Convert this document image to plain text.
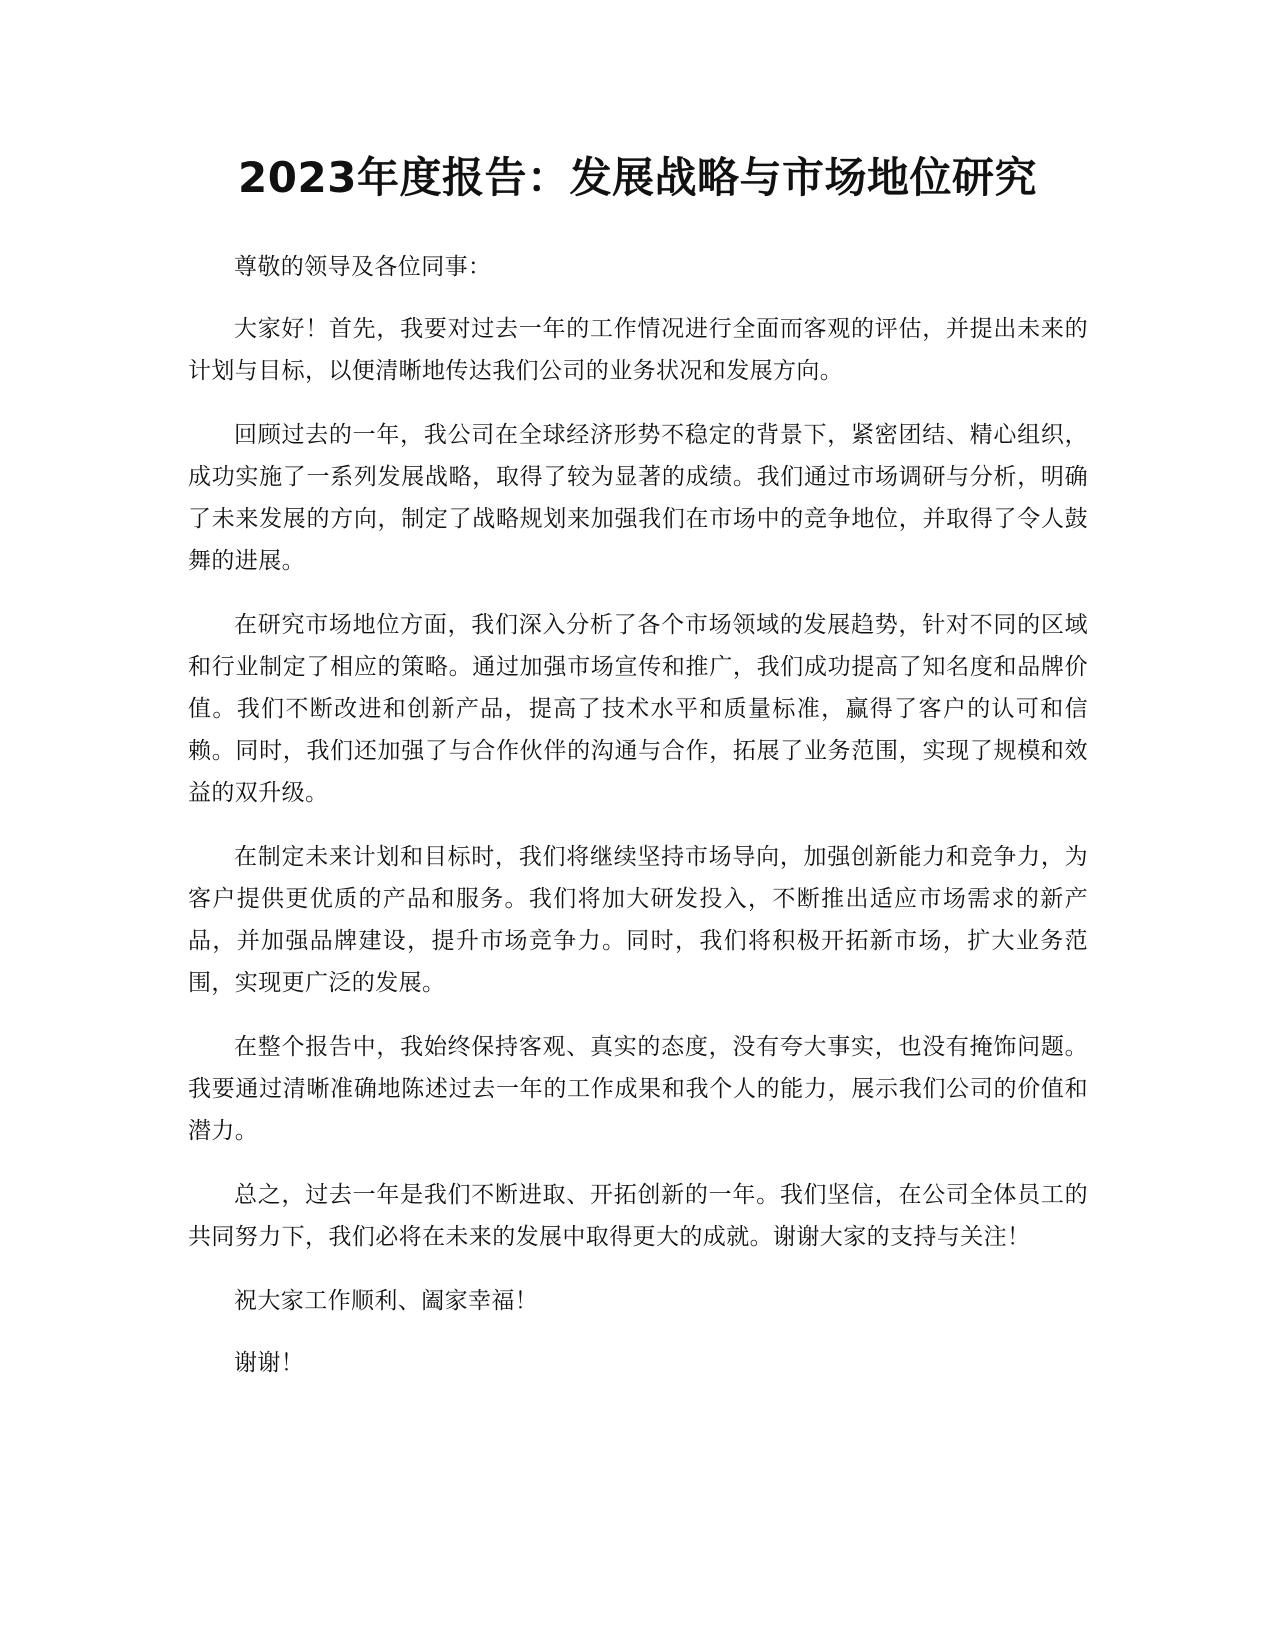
2023年度报告：发展战略与市场地位研究

尊敬的领导及各位同事：

大家好！首先，我要对过去一年的工作情况进行全面而客观的评估，并提出未来的计划与目标，以便清晰地传达我们公司的业务状况和发展方向。

回顾过去的一年，我公司在全球经济形势不稳定的背景下，紧密团结、精心组织，成功实施了一系列发展战略，取得了较为显著的成绩。我们通过市场调研与分析，明确了未来发展的方向，制定了战略规划来加强我们在市场中的竞争地位，并取得了令人鼓舞的进展。

在研究市场地位方面，我们深入分析了各个市场领域的发展趋势，针对不同的区域和行业制定了相应的策略。通过加强市场宣传和推广，我们成功提高了知名度和品牌价值。我们不断改进和创新产品，提高了技术水平和质量标准，赢得了客户的认可和信赖。同时，我们还加强了与合作伙伴的沟通与合作，拓展了业务范围，实现了规模和效益的双升级。

在制定未来计划和目标时，我们将继续坚持市场导向，加强创新能力和竞争力，为客户提供更优质的产品和服务。我们将加大研发投入，不断推出适应市场需求的新产品，并加强品牌建设，提升市场竞争力。同时，我们将积极开拓新市场，扩大业务范围，实现更广泛的发展。

在整个报告中，我始终保持客观、真实的态度，没有夸大事实，也没有掩饰问题。我要通过清晰准确地陈述过去一年的工作成果和我个人的能力，展示我们公司的价值和潜力。

总之，过去一年是我们不断进取、开拓创新的一年。我们坚信，在公司全体员工的共同努力下，我们必将在未来的发展中取得更大的成就。谢谢大家的支持与关注！

祝大家工作顺利、阖家幸福！

谢谢！
